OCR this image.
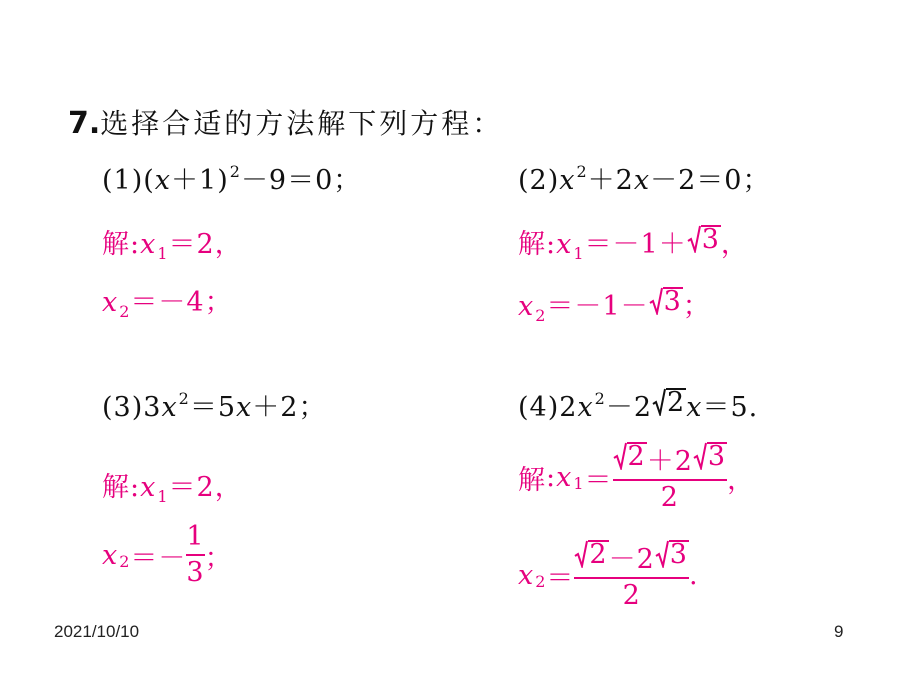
7.选择合适的方法解下列方程：
$(1)(x+1)^2-9=0$；
解$:x_1=2$，
$x_2=-4$；
$(2)x^2+2x-2=0$；
解$:x_1=-1+ 3$ ，
$x_2=-1- 3$ ；
$(3)3x^2=5x+2$；
解$:x_1=2$，
x $2 =- \frac{1}{3}$ ；
$(4)2x^2-2$ 2 x＝5.
解 : x $1 = \frac{2 +2 3}{2}$ ，
x $2 = \frac{2 -2 3}{2}$ .
2021/10/10	9
